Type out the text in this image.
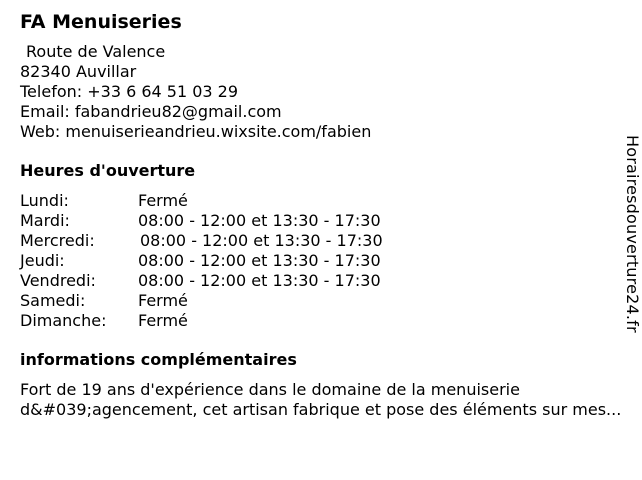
FA Menuiseries
Route de Valence
82340 Auvillar
Telefon: +33 6 64 51 03 29
Email: fabandrieu82@gmail.com
Web: menuiserieandrieu.wixsite.com/fabien
Heures d'ouverture
Lundi:	Fermé
Mardi:	08:00 - 12:00 et 13:30 - 17:30
Mercredi:	08:00 - 12:00 et 13:30 - 17:30
Jeudi:	08:00 - 12:00 et 13:30 - 17:30
Vendredi:	08:00 - 12:00 et 13:30 - 17:30
Samedi:	Fermé
Dimanche:	Fermé
informations complémentaires
Fort de 19 ans d'expérience dans le domaine de la menuiserie d&#039;agencement, cet artisan fabrique et pose des éléments sur mes...
Horairesdouverture24.fr
